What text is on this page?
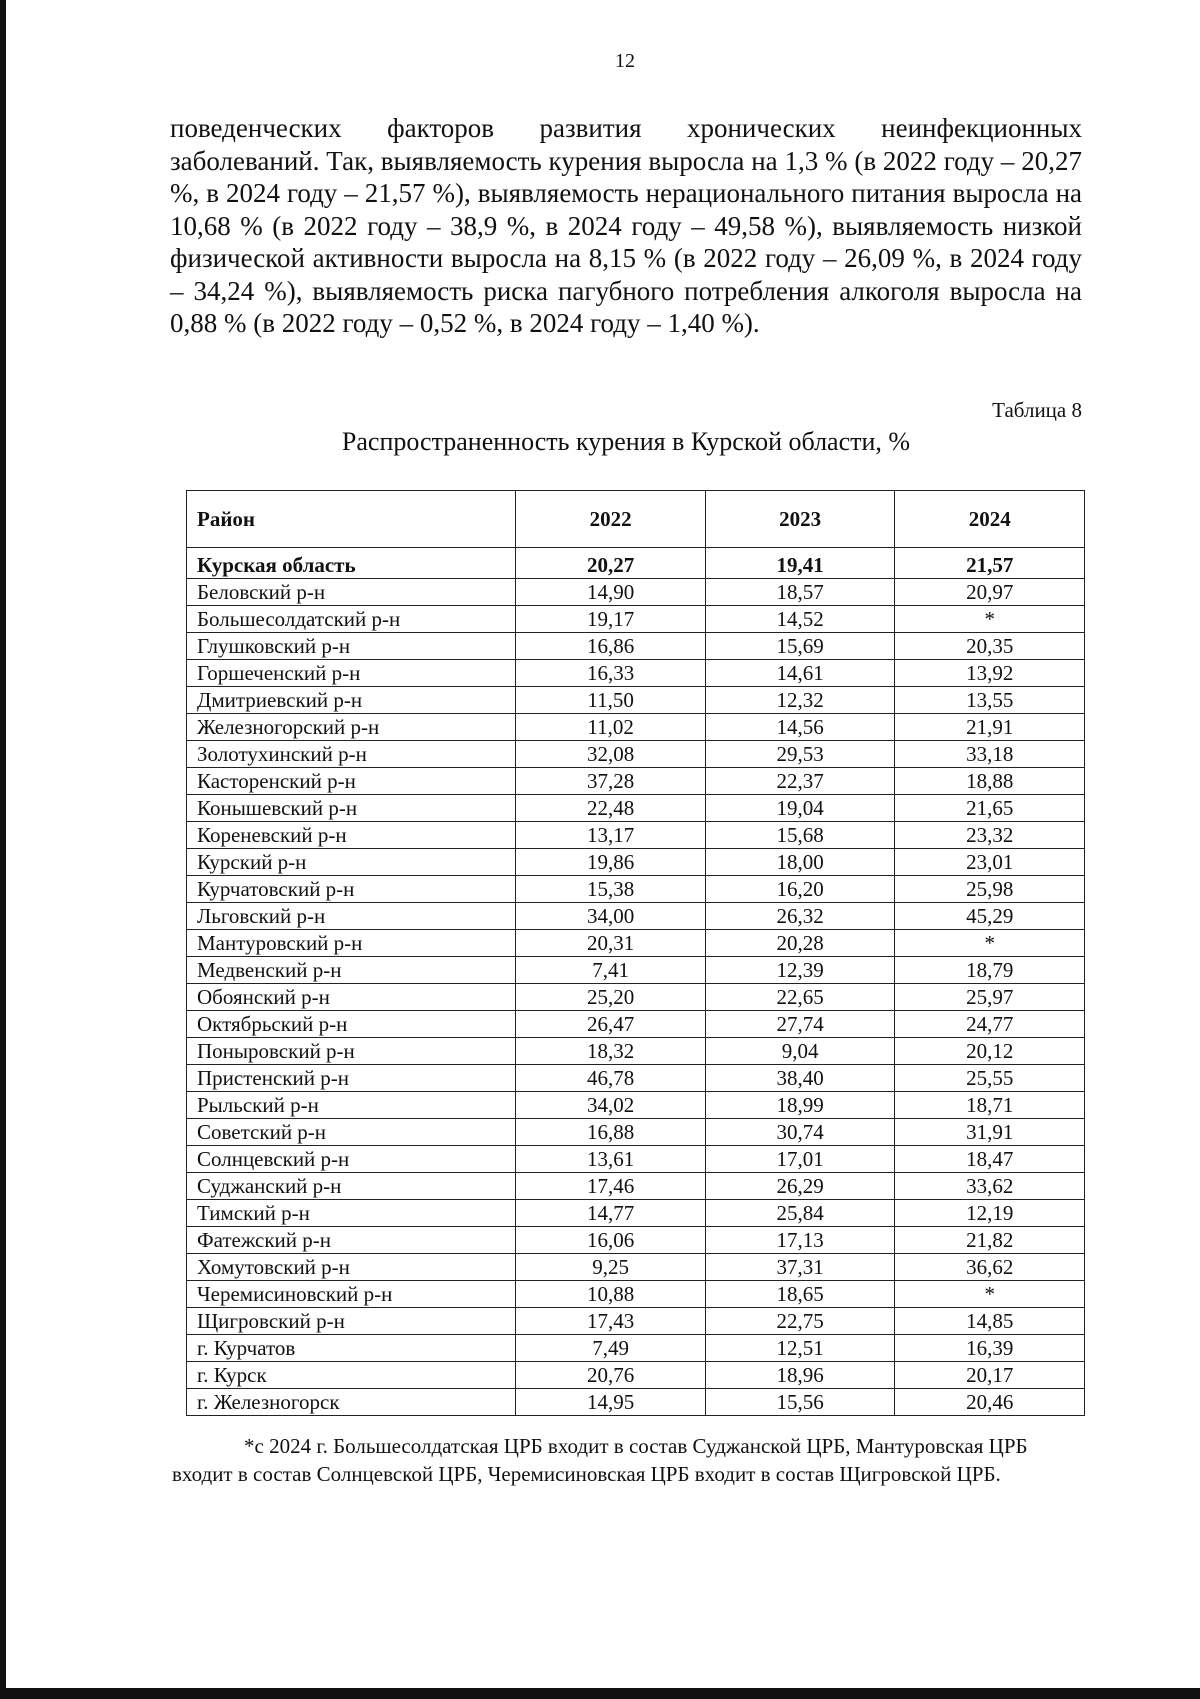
12
поведенческих факторов развития хронических неинфекционных заболеваний. Так, выявляемость курения выросла на 1,3 % (в 2022 году – 20,27 %, в 2024 году – 21,57 %), выявляемость нерационального питания выросла на 10,68 % (в 2022 году – 38,9 %, в 2024 году – 49,58 %), выявляемость низкой физической активности выросла на 8,15 % (в 2022 году – 26,09 %, в 2024 году – 34,24 %), выявляемость риска пагубного потребления алкоголя выросла на 0,88 % (в 2022 году – 0,52 %, в 2024 году – 1,40 %).
Таблица 8
Распространенность курения в Курской области, %
Район	2022	2023	2024
Курская область	20,27	19,41	21,57
Беловский р-н	14,90	18,57	20,97
Большесолдатский р-н	19,17	14,52	*
Глушковский р-н	16,86	15,69	20,35
Горшеченский р-н	16,33	14,61	13,92
Дмитриевский р-н	11,50	12,32	13,55
Железногорский р-н	11,02	14,56	21,91
Золотухинский р-н	32,08	29,53	33,18
Касторенский р-н	37,28	22,37	18,88
Конышевский р-н	22,48	19,04	21,65
Кореневский р-н	13,17	15,68	23,32
Курский р-н	19,86	18,00	23,01
Курчатовский р-н	15,38	16,20	25,98
Льговский р-н	34,00	26,32	45,29
Мантуровский р-н	20,31	20,28	*
Медвенский р-н	7,41	12,39	18,79
Обоянский р-н	25,20	22,65	25,97
Октябрьский р-н	26,47	27,74	24,77
Поныровский р-н	18,32	9,04	20,12
Пристенский р-н	46,78	38,40	25,55
Рыльский р-н	34,02	18,99	18,71
Советский р-н	16,88	30,74	31,91
Солнцевский р-н	13,61	17,01	18,47
Суджанский р-н	17,46	26,29	33,62
Тимский р-н	14,77	25,84	12,19
Фатежский р-н	16,06	17,13	21,82
Хомутовский р-н	9,25	37,31	36,62
Черемисиновский р-н	10,88	18,65	*
Щигровский р-н	17,43	22,75	14,85
г. Курчатов	7,49	12,51	16,39
г. Курск	20,76	18,96	20,17
г. Железногорск	14,95	15,56	20,46
*с 2024 г. Большесолдатская ЦРБ входит в состав Суджанской ЦРБ, Мантуровская ЦРБ входит в состав Солнцевской ЦРБ, Черемисиновская ЦРБ входит в состав Щигровской ЦРБ.
